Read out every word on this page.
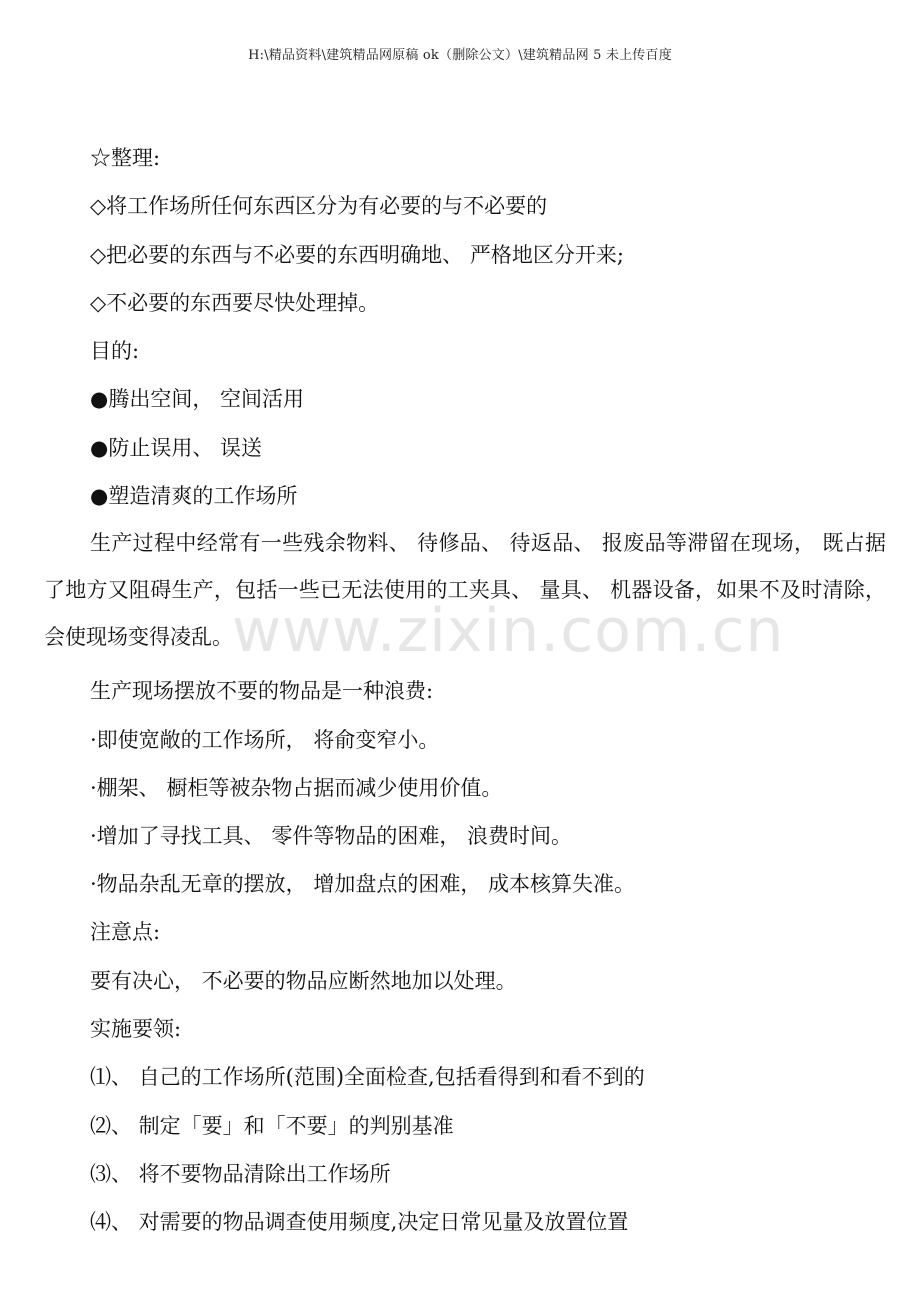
H:\精品资料\建筑精品网原稿 ok（删除公文）\建筑精品网 5 未上传百度
www.zixin.com.cn
☆整理:
◇将工作场所任何东西区分为有必要的与不必要的
◇把必要的东西与不必要的东西明确地、 严格地区分开来;
◇不必要的东西要尽快处理掉。
目的:
●腾出空间， 空间活用
●防止误用、 误送
●塑造清爽的工作场所
生产过程中经常有一些残余物料、 待修品、 待返品、 报废品等滞留在现场， 既占据了地方又阻碍生产，包括一些已无法使用的工夹具、 量具、 机器设备，如果不及时清除， 会使现场变得凌乱。
生产现场摆放不要的物品是一种浪费:
·即使宽敞的工作场所， 将俞变窄小。
·棚架、 橱柜等被杂物占据而减少使用价值。
·增加了寻找工具、 零件等物品的困难， 浪费时间。
·物品杂乱无章的摆放， 增加盘点的困难， 成本核算失准。
注意点:
要有决心， 不必要的物品应断然地加以处理。
实施要领:
⑴、 自己的工作场所(范围)全面检查,包括看得到和看不到的
⑵、 制定「要」和「不要」的判别基准
⑶、 将不要物品清除出工作场所
⑷、 对需要的物品调查使用频度,决定日常见量及放置位置
